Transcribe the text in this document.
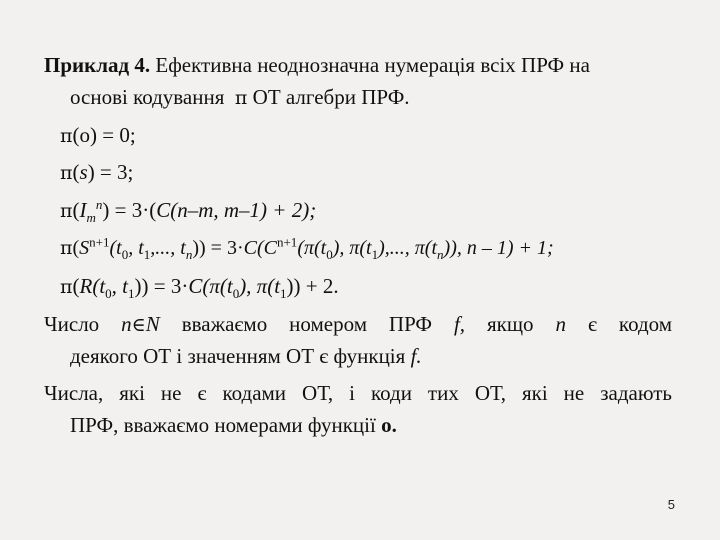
Приклад 4. Ефективна неоднозначна нумерація всіх ПРФ на
основі кодування π ОТ алгебри ПРФ.
π(о) = 0;
π(s) = 3;
$\pi(I_m^n) = 3\cdot(C(n-m$, m–1) + 2);
$\pi(S^{n+1}(t_0$, $t_1$,..., $t_n)) = 3\cdot C(C^{n+1}(\pi(t_0)$, $\pi(t_1)$,..., $\pi(t_n)$), n – 1) + 1;
$\pi(R(t_0$, $t_1)) = 3\cdot C(\pi(t_0)$, $\pi(t_1)) + 2$.
Число n∈N вважаємо номером ПРФ f, якщо n є кодом
деякого ОТ і значенням ОТ є функція f.
Числа, які не є кодами ОТ, і коди тих ОТ, які не задають
ПРФ, вважаємо номерами функції о.
5
